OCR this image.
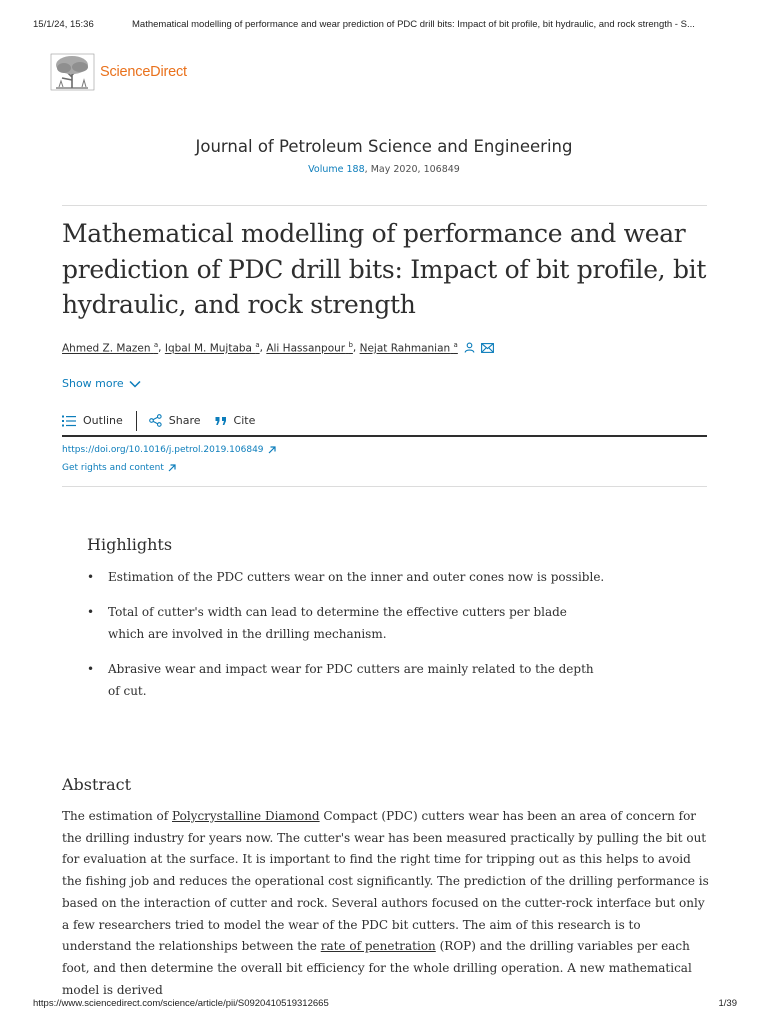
15/1/24, 15:36	Mathematical modelling of performance and wear prediction of PDC drill bits: Impact of bit profile, bit hydraulic, and rock strength - S...
ScienceDirect
Journal of Petroleum Science and Engineering
Volume 188, May 2020, 106849
Mathematical modelling of performance and wear prediction of PDC drill bits: Impact of bit profile, bit hydraulic, and rock strength
Ahmed Z. Mazen $^a$ , Iqbal M. Mujtaba $^a$ , Ali Hassanpour $^b$ , Nejat Rahmanian $^a$
Show more
Outline	Share	Cite
https://doi.org/10.1016/j.petrol.2019.106849
Get rights and content
Highlights
• Estimation of the PDC cutters wear on the inner and outer cones now is possible.
• Total of cutter's width can lead to determine the effective cutters per blade
which are involved in the drilling mechanism.
• Abrasive wear and impact wear for PDC cutters are mainly related to the depth
of cut.
Abstract

The estimation of Polycrystalline Diamond Compact (PDC) cutters wear has been an area of concern for the drilling industry for years now. The cutter's wear has been measured practically by pulling the bit out for evaluation at the surface. It is important to find the right time for tripping out as this helps to avoid the fishing job and reduces the operational cost significantly. The prediction of the drilling performance is based on the interaction of cutter and rock. Several authors focused on the cutter-rock interface but only a few researchers tried to model the wear of the PDC bit cutters. The aim of this research is to understand the relationships between the rate of penetration (ROP) and the drilling variables per each foot, and then determine the overall bit efficiency for the whole drilling operation. A new mathematical model is derived

https://www.sciencedirect.com/science/article/pii/S0920410519312665	1/39
